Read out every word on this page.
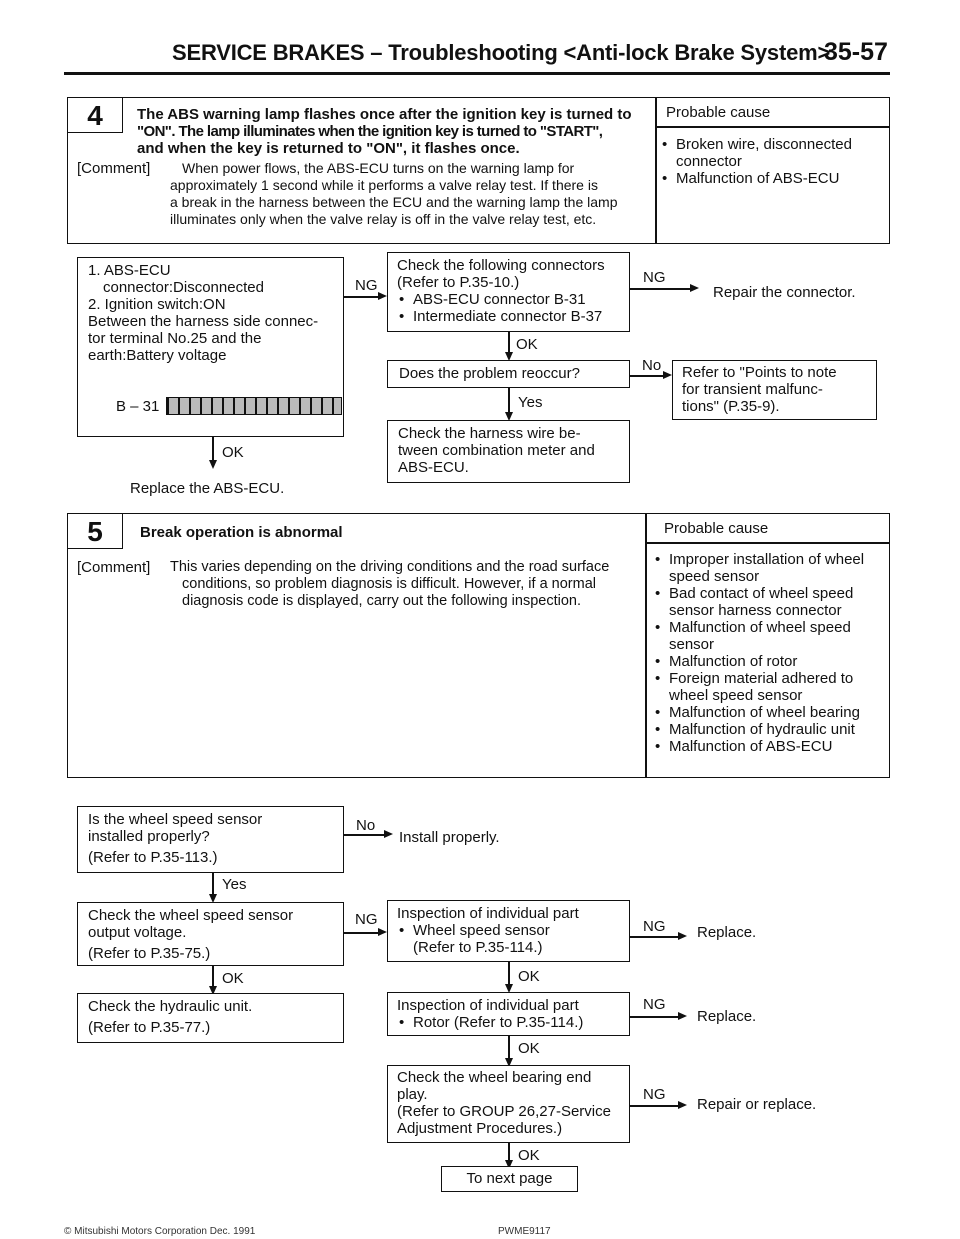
SERVICE BRAKES – Troubleshooting <Anti-lock Brake System>
35-57
4	The ABS warning lamp flashes once after the ignition key is turned to
"ON". The lamp illuminates when the ignition key is turned to "START",
and when the key is returned to "ON", it flashes once.
[Comment] When power flows, the ABS-ECU turns on the warning lamp for
approximately 1 second while it performs a valve relay test. If there is
a break in the harness between the ECU and the warning lamp the lamp
illuminates only when the valve relay is off in the valve relay test, etc.
Probable cause
• Broken wire, disconnected connector
• Malfunction of ABS-ECU
1. ABS-ECU
connector:Disconnected
2. Ignition switch:ON
Between the harness side connec-
tor terminal No.25 and the
earth:Battery voltage
B – 31
OK
Replace the ABS-ECU.
NG
Check the following connectors
(Refer to P.35-10.)
• ABS-ECU connector B-31
• Intermediate connector B-37
NG
Repair the connector.
OK
Does the problem reoccur?	No Refer to "Points to note
for transient malfunc-
tions" (P.35-9).
Yes
Check the harness wire be-
tween combination meter and
ABS-ECU.
5	Break operation is abnormal
[Comment] This varies depending on the driving conditions and the road surface
conditions, so problem diagnosis is difficult. However, if a normal
diagnosis code is displayed, carry out the following inspection.
Probable cause
• Improper installation of wheel speed sensor
• Bad contact of wheel speed sensor harness connector
• Malfunction of wheel speed sensor
• Malfunction of rotor
• Foreign material adhered to wheel speed sensor
• Malfunction of wheel bearing
• Malfunction of hydraulic unit
• Malfunction of ABS-ECU
Is the wheel speed sensor
installed properly?
(Refer to P.35-113.)
No
Install properly.
Yes
Check the wheel speed sensor
output voltage.
(Refer to P.35-75.)
NG Inspection of individual part
• Wheel speed sensor
(Refer to P.35-114.)
NG Replace.
OK	OK
Check the hydraulic unit.
(Refer to P.35-77.)
Inspection of individual part
• Rotor (Refer to P.35-114.)
NG
Replace.
OK
Check the wheel bearing end
play.
(Refer to GROUP 26,27-Service
Adjustment Procedures.)
NG
Repair or replace.
OK
To next page
© Mitsubishi Motors Corporation Dec. 1991	PWME9117
